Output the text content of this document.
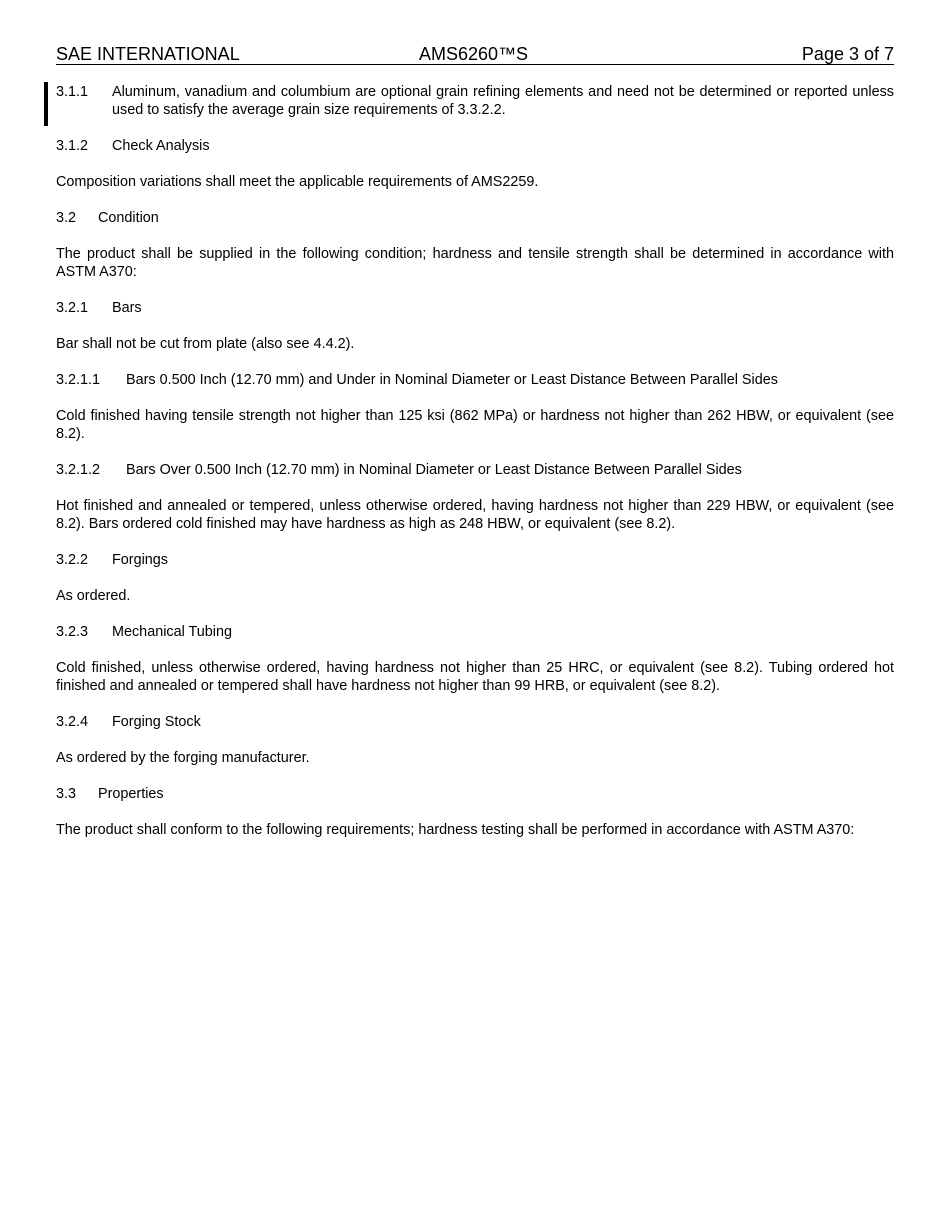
SAE INTERNATIONAL	AMS6260™S	Page 3 of 7
3.1.1	Aluminum, vanadium and columbium are optional grain refining elements and need not be determined or reported unless used to satisfy the average grain size requirements of 3.3.2.2.
3.1.2 Check Analysis

Composition variations shall meet the applicable requirements of AMS2259.

3.2 Condition

The product shall be supplied in the following condition; hardness and tensile strength shall be determined in accordance with ASTM A370:

3.2.1 Bars

Bar shall not be cut from plate (also see 4.4.2).

3.2.1.1 Bars 0.500 Inch (12.70 mm) and Under in Nominal Diameter or Least Distance Between Parallel Sides

Cold finished having tensile strength not higher than 125 ksi (862 MPa) or hardness not higher than 262 HBW, or equivalent (see 8.2).

3.2.1.2 Bars Over 0.500 Inch (12.70 mm) in Nominal Diameter or Least Distance Between Parallel Sides

Hot finished and annealed or tempered, unless otherwise ordered, having hardness not higher than 229 HBW, or equivalent (see 8.2). Bars ordered cold finished may have hardness as high as 248 HBW, or equivalent (see 8.2).

3.2.2 Forgings

As ordered.

3.2.3 Mechanical Tubing

Cold finished, unless otherwise ordered, having hardness not higher than 25 HRC, or equivalent (see 8.2). Tubing ordered hot finished and annealed or tempered shall have hardness not higher than 99 HRB, or equivalent (see 8.2).

3.2.4 Forging Stock

As ordered by the forging manufacturer.

3.3 Properties

The product shall conform to the following requirements; hardness testing shall be performed in accordance with ASTM A370:
